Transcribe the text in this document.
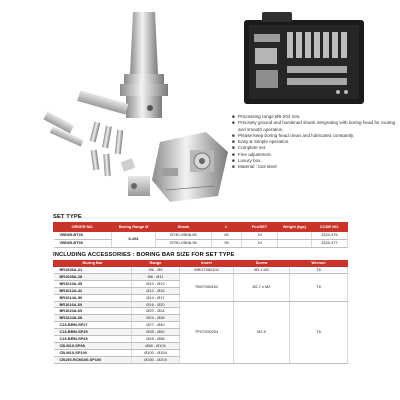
■ Processing range Ø6-204 mm.
■ Precisely ground and hardened shank integrating with boring head for routing and smooth operation.
■ Please keep boring head clean and lubricated constantly.
■ Easy & Simple operation.
■ Complete set.
■ Fine adjustment.
■ Luxury box.
■ Material : tool steel
SET TYPE
ORDER NO.	Boring Range Ø	Shank	L	Pcs/SET	Weight (kgs)	CODE NO.
VBH65-BT40	6-204	BT40-VBH6-65	65	19		3320-476
VBH65-BT50		BT50-VBH6-95	95	19		3320-477
INCLUDING ACCESSORIES : BORING BAR SIZE FOR SET TYPE
Boring Bar	Range	Insert	Screw	Wrench
BR1606A-21	Ø6 - Ø9	WBGT060102	Ø3 x M2	T6
BR1608A-28	Ø8 - Ø11	TBGT060102	Ø2.7 x M2	T6
BR1610A-35	Ø10 - Ø13			
BR1612A-42	Ø12 - Ø15			
BR1614A-50	Ø14 - Ø17			
BR1616A-60	Ø16 - Ø20	TPGT090204	M2.5	T8
BR1620A-65	Ø20 - Ø24			
BR1624A-68	Ø24 - Ø28			
C16-BRM-SP27	Ø27 - Ø40			
C16-BRM-SP35	Ø35 - Ø50			
C16-BRM-SP45	Ø45 - Ø68			
CB-M10-SP68	Ø68 - Ø104			
CB-M10-SP100	Ø100 - Ø154			
CB150-RCM100-SP100	Ø150 - Ø204			
